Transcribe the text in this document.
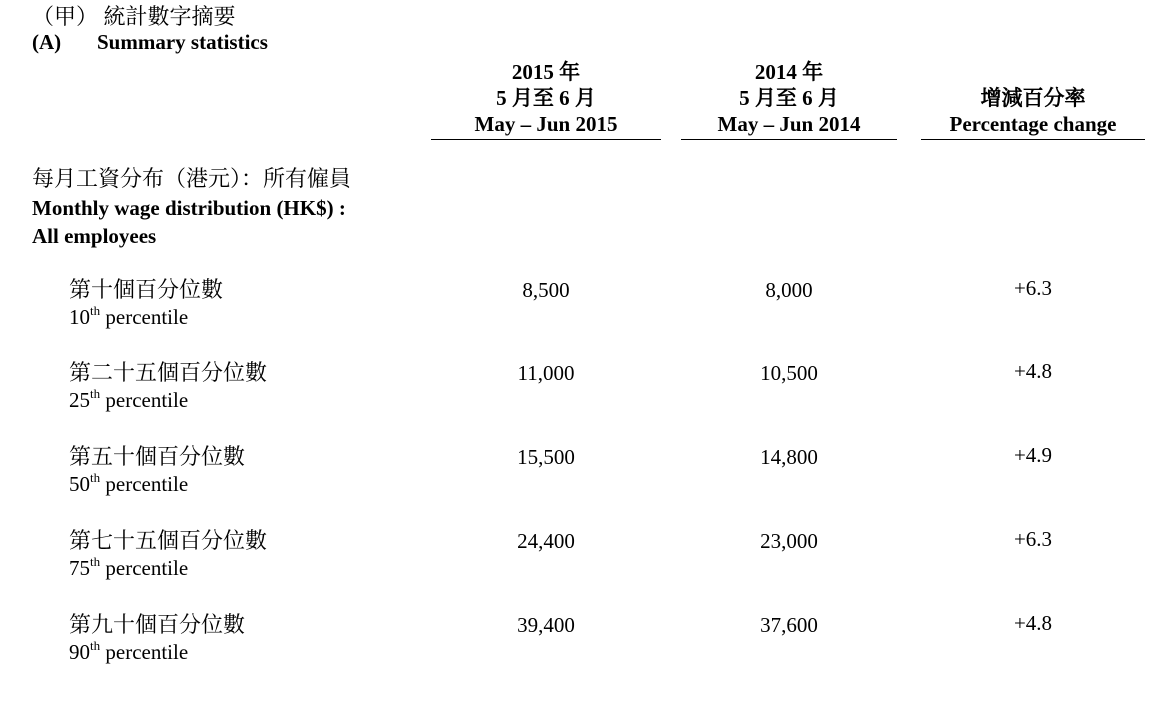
（甲） 統計數字摘要
(A) Summary statistics
2015 年
5 月至 6 月
May – Jun 2015
2014 年
5 月至 6 月
May – Jun 2014
增減百分率
Percentage change
每月工資分布（港元）：所有僱員
Monthly wage distribution (HK$) :
All employees
第十個百分位數
10th percentile
8,500	8,000	+6.3
第二十五個百分位數
25th percentile
11,000	10,500	+4.8
第五十個百分位數
50th percentile
15,500	14,800	+4.9
第七十五個百分位數
75th percentile
24,400	23,000	+6.3
第九十個百分位數
90th percentile
39,400	37,600	+4.8
